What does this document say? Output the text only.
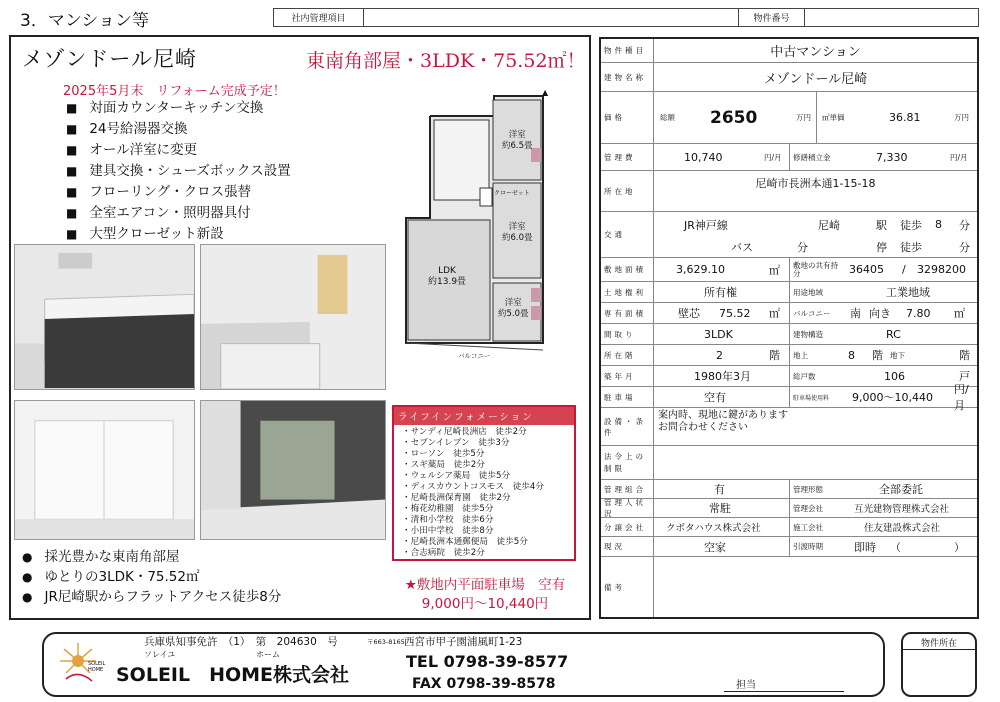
3．マンション等	社内管理項目	物件番号
メゾンドール尼崎	東南角部屋・3LDK・75.52㎡！
2025年5月末　リフォーム完成予定！
■ 対面カウンターキッチン交換
■ 24号給湯器交換
■ オール洋室に変更
■ 建具交換・シューズボックス設置
■ フローリング・クロス張替
■ 全室エアコン・照明器具付
■ 大型クローゼット新設
洋室
約6.5畳
洋室
約6.0畳
LDK
約13.9畳
洋室
約5.0畳
バルコニー
クローゼット
▲
ライフインフォメーション
・ サンディ尼崎長洲店　徒歩2分
・ セブンイレブン　徒歩3分
・ ローソン　徒歩5分
・ スギ薬局　徒歩2分
・ ウェルシア薬局　徒歩5分
・ ディスカウントコスモス　徒歩4分
・ 尼崎長洲保育園　徒歩2分
・ 梅花幼稚園　徒歩5分
・ 清和小学校　徒歩6分
・ 小田中学校　徒歩8分
・ 尼崎長洲本通郵便局　徒歩5分
・ 合志病院　徒歩2分
● 採光豊かな東南角部屋
● ゆとりの3LDK・75.52㎡
● JR尼崎駅からフラットアクセス徒歩8分
★敷地内平面駐車場　空有
9,000円～10,440円
物件種目	中古マンション
建物名称	メゾンドール尼崎
価格	総額 2650	万円 ㎡単価	36.81	万円
管理費	10,740	円/月 修繕積立金	7,330	円/月
所在地
尼崎市長洲本通1-15-18
交通
JR神戸線	尼崎	駅 徒歩 8 分
バス	分	停 徒歩	分
敷地面積	3,629.10	㎡ 敷地の共有持分	36405 / 3298200
土地権利	所有権	用途地域	工業地域
専有面積	壁芯 75.52 ㎡ バルコニー 南 向き 7.80 ㎡
間取り	3LDK	建物構造	RC
所在階	2	階 地上	8 階 地下	階
築年月	1980年3月	総戸数	106	戸
駐車場	空有	駐車場使用料 9,000～10,440
円/月
設備・条件
案内時、現地に鍵があります
お問合わせください
法令上の制限
管理組合	有	管理形態	全部委託
管理人状況	常駐	管理会社	互光建物管理株式会社
分譲会社	クボタハウス株式会社	施工会社	住友建設株式会社
現況	空家	引渡時期	即時 （	）
備考
SOLEIL
HOME
兵庫県知事免許　（1）　第　204630　号	〒663-8165 西宮市甲子園浦風町1-23
ソレイユ	ホーム
SOLEIL　HOME株式会社
TEL 0798-39-8577
FAX 0798-39-8578	担当
物件所在
